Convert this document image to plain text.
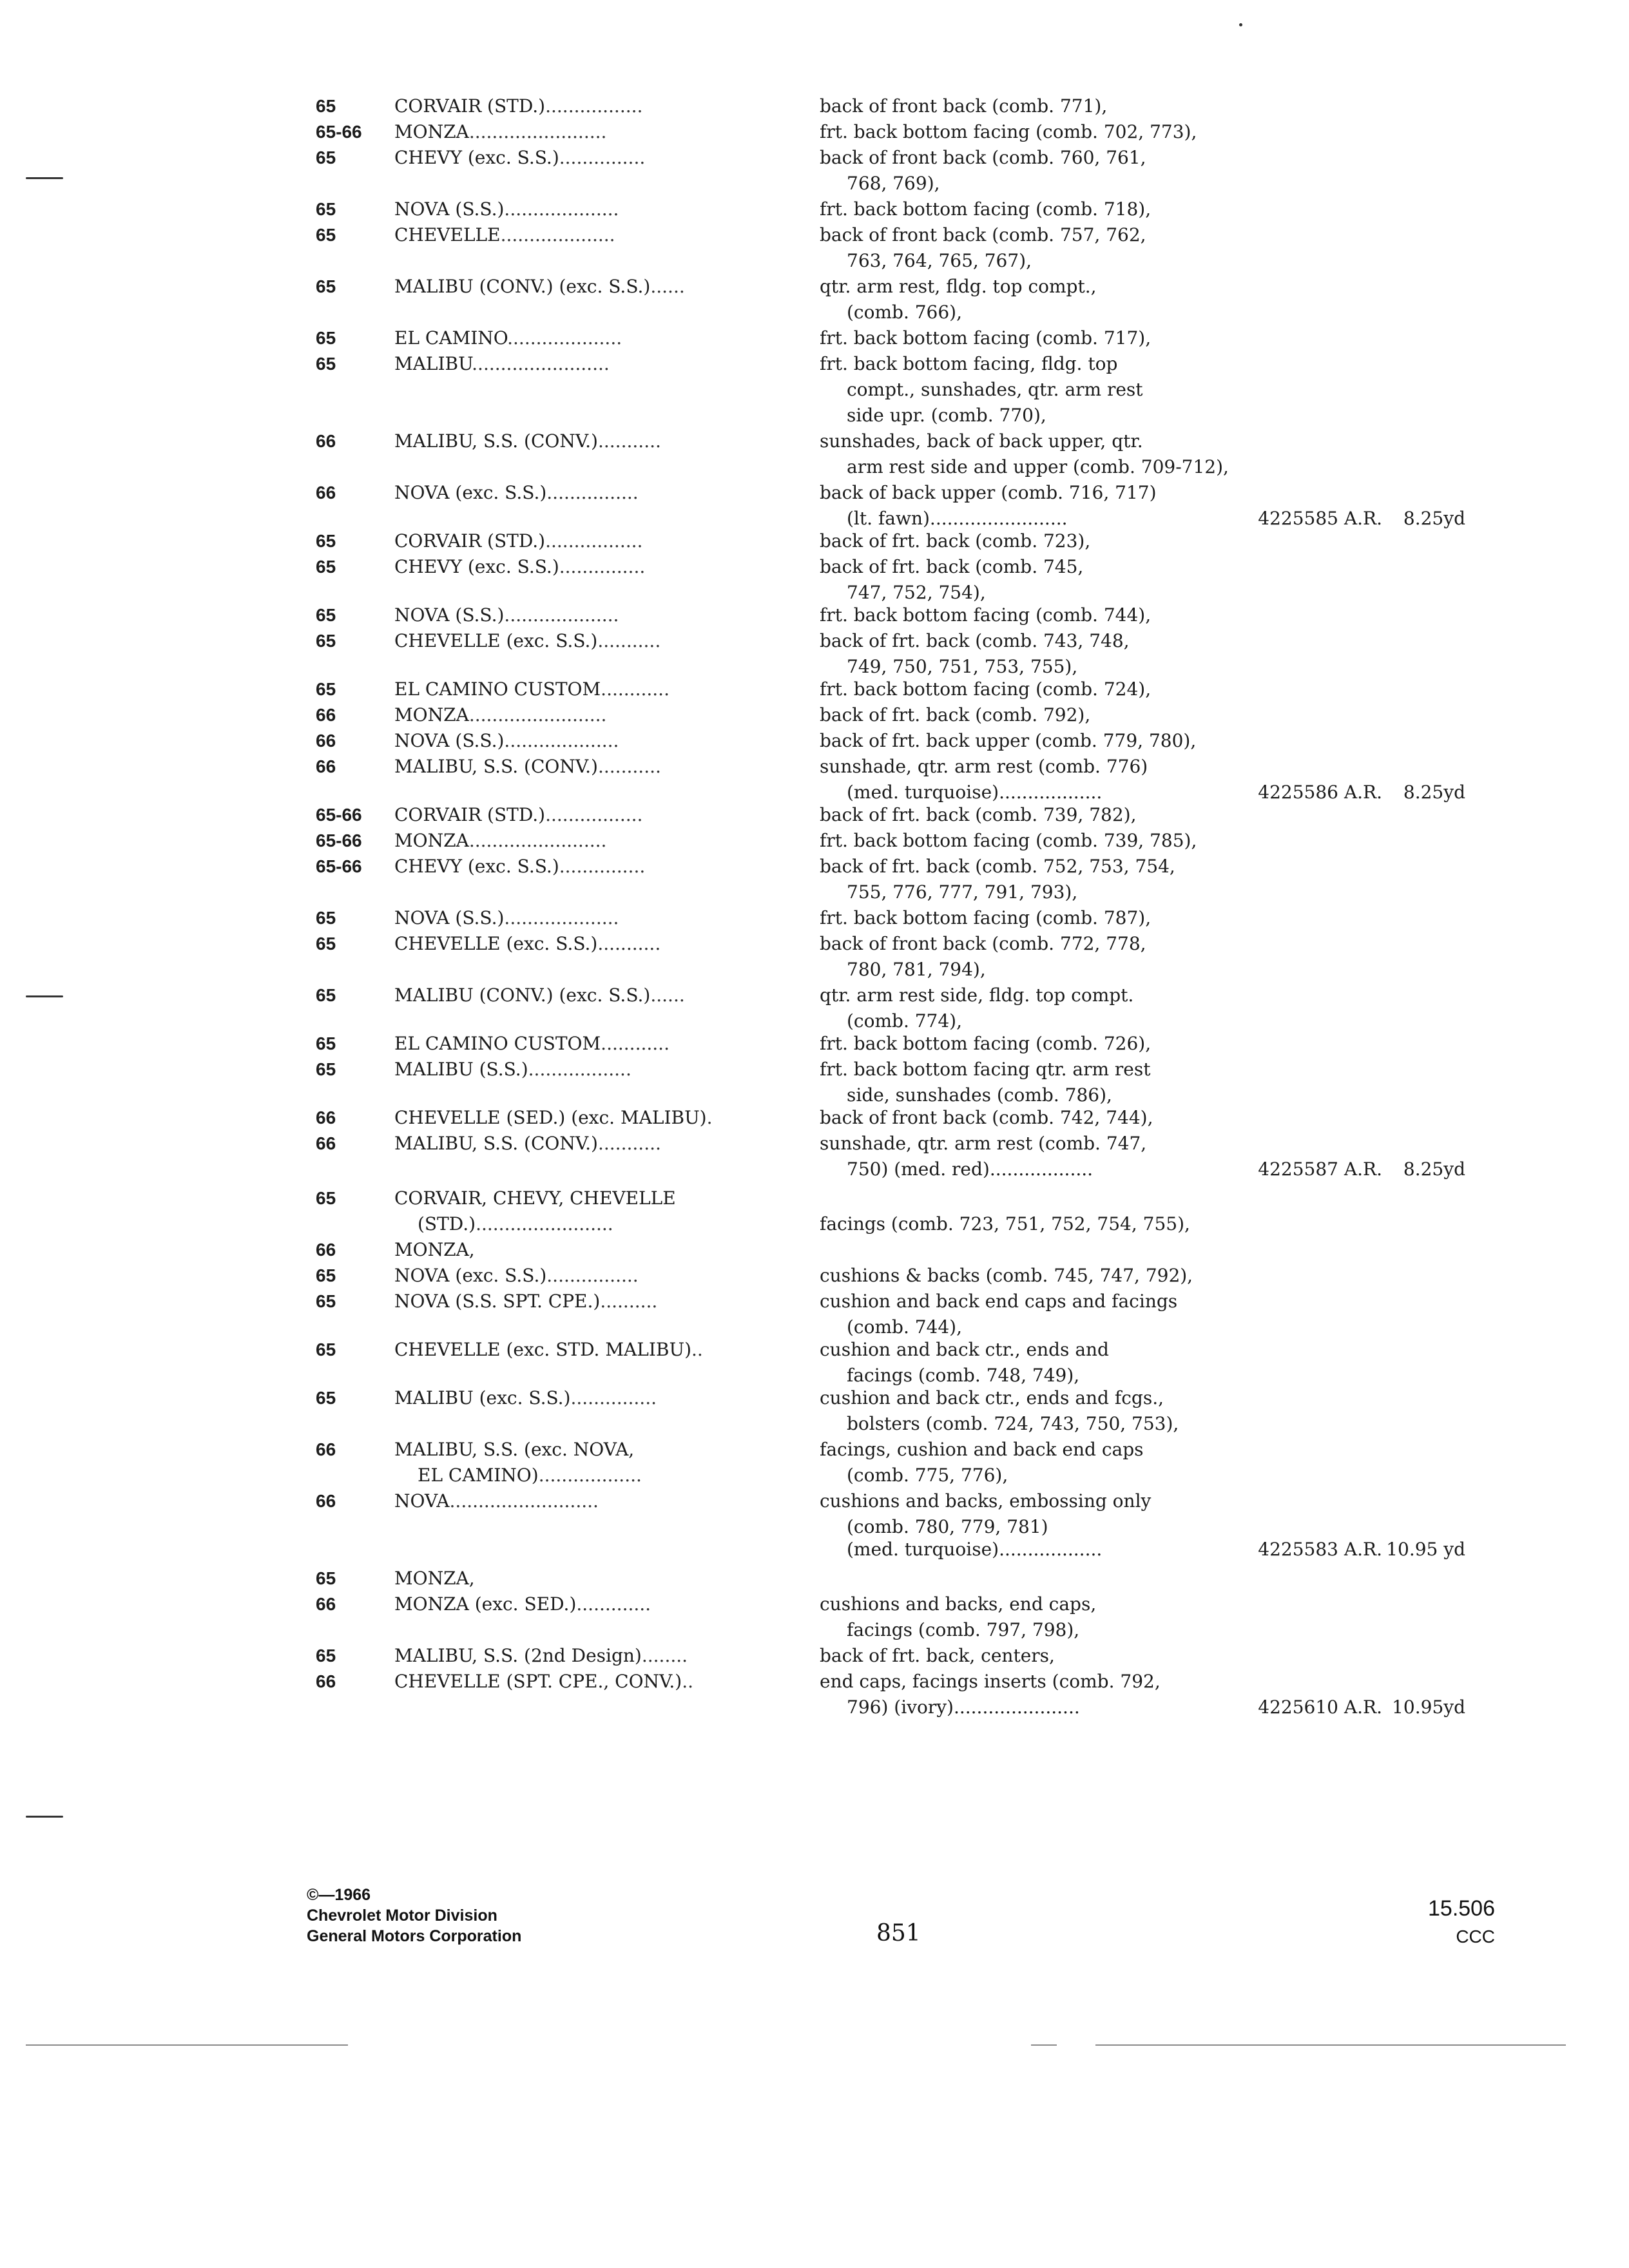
65	CORVAIR (STD.).................	back of front back (comb. 771),
65-66	MONZA........................	frt. back bottom facing (comb. 702, 773),
65	CHEVY (exc. S.S.)...............	back of front back (comb. 760, 761,
768, 769),
65	NOVA (S.S.)....................	frt. back bottom facing (comb. 718),
65	CHEVELLE....................	back of front back (comb. 757, 762,
763, 764, 765, 767),
65	MALIBU (CONV.) (exc. S.S.)......	qtr. arm rest, fldg. top compt.,
(comb. 766),
65	EL CAMINO....................	frt. back bottom facing (comb. 717),
65	MALIBU........................	frt. back bottom facing, fldg. top
compt., sunshades, qtr. arm rest
side upr. (comb. 770),
66	MALIBU, S.S. (CONV.)...........	sunshades, back of back upper, qtr.
arm rest side and upper (comb. 709-712),
66	NOVA (exc. S.S.)................	back of back upper (comb. 716, 717)
(lt. fawn)........................	4225585 A.R.	8.25yd
65	CORVAIR (STD.).................	back of frt. back (comb. 723),
65	CHEVY (exc. S.S.)...............	back of frt. back (comb. 745,
747, 752, 754),
65	NOVA (S.S.)....................	frt. back bottom facing (comb. 744),
65	CHEVELLE (exc. S.S.)...........	back of frt. back (comb. 743, 748,
749, 750, 751, 753, 755),
65	EL CAMINO CUSTOM............	frt. back bottom facing (comb. 724),
66	MONZA........................	back of frt. back (comb. 792),
66	NOVA (S.S.)....................	back of frt. back upper (comb. 779, 780),
66	MALIBU, S.S. (CONV.)...........	sunshade, qtr. arm rest (comb. 776)
(med. turquoise)..................	4225586 A.R.	8.25yd
65-66	CORVAIR (STD.).................	back of frt. back (comb. 739, 782),
65-66	MONZA........................	frt. back bottom facing (comb. 739, 785),
65-66	CHEVY (exc. S.S.)...............	back of frt. back (comb. 752, 753, 754,
755, 776, 777, 791, 793),
65	NOVA (S.S.)....................	frt. back bottom facing (comb. 787),
65	CHEVELLE (exc. S.S.)...........	back of front back (comb. 772, 778,
780, 781, 794),
65	MALIBU (CONV.) (exc. S.S.)......	qtr. arm rest side, fldg. top compt.
(comb. 774),
65	EL CAMINO CUSTOM............	frt. back bottom facing (comb. 726),
65	MALIBU (S.S.)..................	frt. back bottom facing qtr. arm rest
side, sunshades (comb. 786),
66	CHEVELLE (SED.) (exc. MALIBU).	back of front back (comb. 742, 744),
66	MALIBU, S.S. (CONV.)...........	sunshade, qtr. arm rest (comb. 747,
750) (med. red)..................	4225587 A.R.	8.25yd
65	CORVAIR, CHEVY, CHEVELLE
(STD.)........................	facings (comb. 723, 751, 752, 754, 755),
66	MONZA,
65	NOVA (exc. S.S.)................	cushions & backs (comb. 745, 747, 792),
65	NOVA (S.S. SPT. CPE.)..........	cushion and back end caps and facings
(comb. 744),
65	CHEVELLE (exc. STD. MALIBU)..	cushion and back ctr., ends and
facings (comb. 748, 749),
65	MALIBU (exc. S.S.)...............	cushion and back ctr., ends and fcgs.,
bolsters (comb. 724, 743, 750, 753),
66	MALIBU, S.S. (exc. NOVA,	facings, cushion and back end caps
EL CAMINO)..................	(comb. 775, 776),
66	NOVA..........................	cushions and backs, embossing only
(comb. 780, 779, 781)
(med. turquoise)..................	4225583 A.R. 10.95 yd
65	MONZA,
66	MONZA (exc. SED.).............	cushions and backs, end caps,
facings (comb. 797, 798),
65	MALIBU, S.S. (2nd Design)........	back of frt. back, centers,
66	CHEVELLE (SPT. CPE., CONV.)..	end caps, facings inserts (comb. 792,
796) (ivory)......................	4225610 A.R. 10.95yd
©—1966
Chevrolet Motor Division
General Motors Corporation	851
15.506
CCC
